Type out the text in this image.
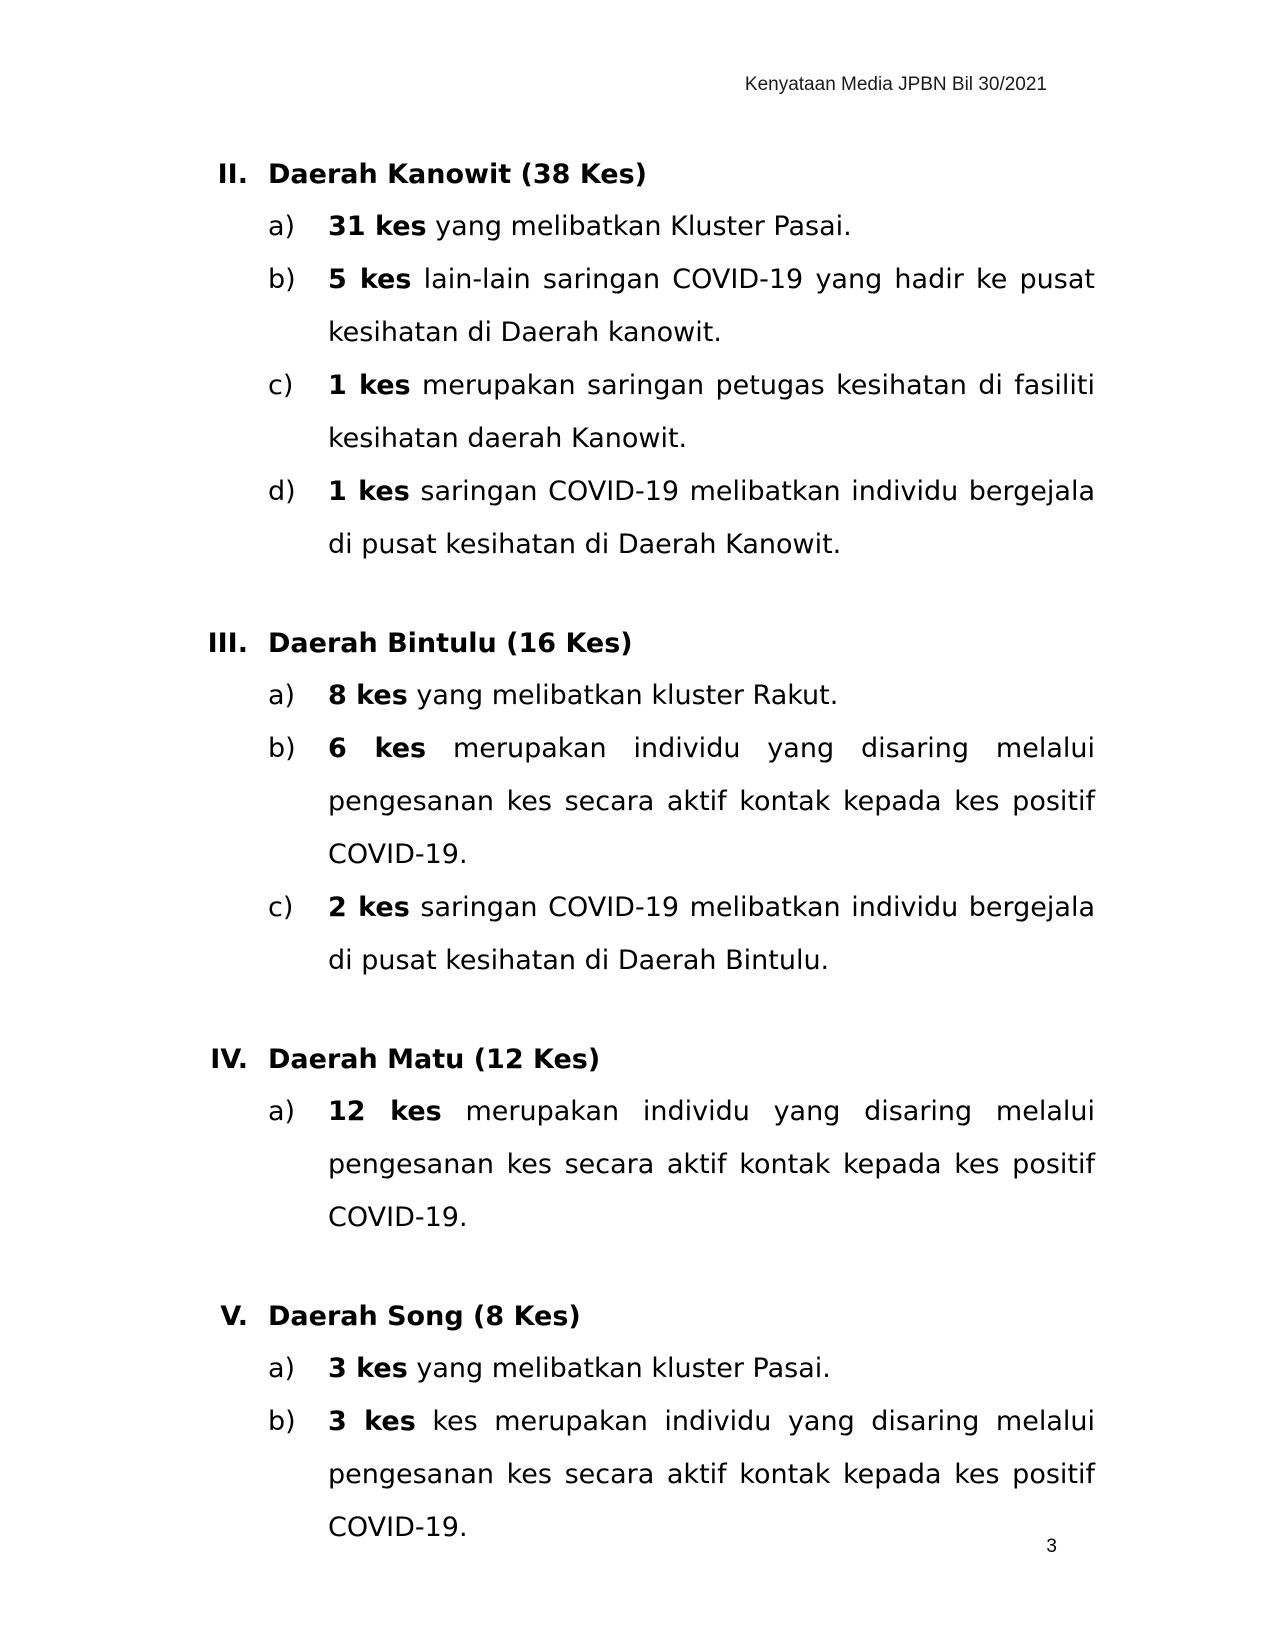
Kenyataan Media JPBN Bil 30/2021
II. Daerah Kanowit (38 Kes)
a) 31 kes yang melibatkan Kluster Pasai.
b) 5 kes lain-lain saringan COVID-19 yang hadir ke pusat kesihatan di Daerah kanowit.
c) 1 kes merupakan saringan petugas kesihatan di fasiliti kesihatan daerah Kanowit.
d) 1 kes saringan COVID-19 melibatkan individu bergejala di pusat kesihatan di Daerah Kanowit.
III. Daerah Bintulu (16 Kes)
a) 8 kes yang melibatkan kluster Rakut.
b) 6 kes merupakan individu yang disaring melalui pengesanan kes secara aktif kontak kepada kes positif COVID-19.
c) 2 kes saringan COVID-19 melibatkan individu bergejala di pusat kesihatan di Daerah Bintulu.
IV. Daerah Matu (12 Kes)
a) 12 kes merupakan individu yang disaring melalui pengesanan kes secara aktif kontak kepada kes positif COVID-19.
V. Daerah Song (8 Kes)
a) 3 kes yang melibatkan kluster Pasai.
b) 3 kes kes merupakan individu yang disaring melalui pengesanan kes secara aktif kontak kepada kes positif COVID-19.
3
